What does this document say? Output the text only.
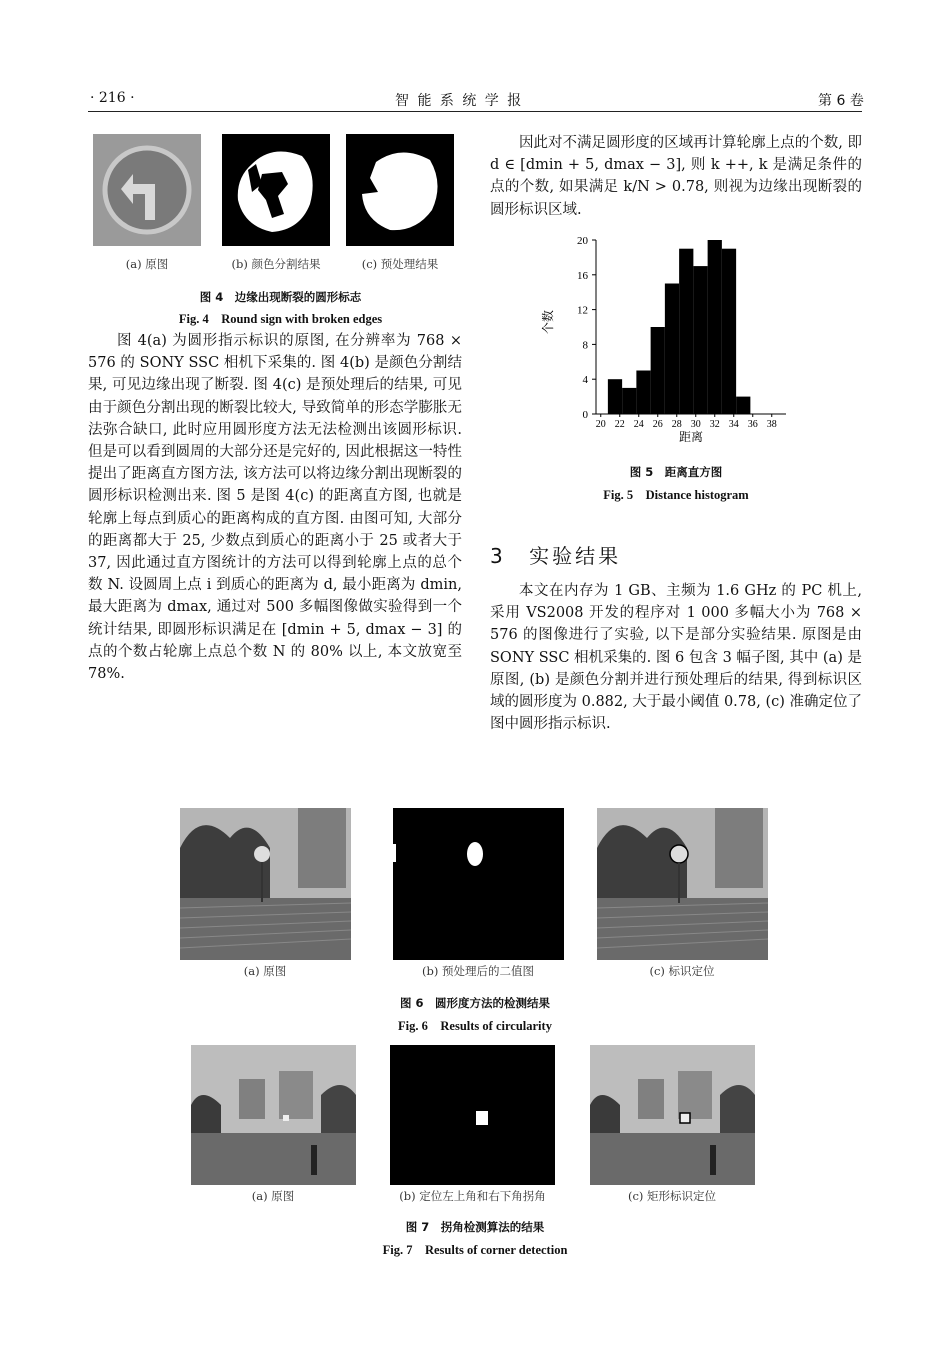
· 216 ·	智 能 系 统 学 报	第 6 卷
(a) 原图	(b) 颜色分割结果	(c) 预处理结果
图 4　边缘出现断裂的圆形标志
Fig. 4　Round sign with broken edges
图 4(a) 为圆形指示标识的原图, 在分辨率为 768 × 576 的 SONY SSC 相机下采集的. 图 4(b) 是颜色分割结果, 可见边缘出现了断裂. 图 4(c) 是预处理后的结果, 可见由于颜色分割出现的断裂比较大, 导致简单的形态学膨胀无法弥合缺口, 此时应用圆形度方法无法检测出该圆形标识. 但是可以看到圆周的大部分还是完好的, 因此根据这一特性提出了距离直方图方法, 该方法可以将边缘分割出现断裂的圆形标识检测出来. 图 5 是图 4(c) 的距离直方图, 也就是轮廓上每点到质心的距离构成的直方图. 由图可知, 大部分的距离都大于 25, 少数点到质心的距离小于 25 或者大于 37, 因此通过直方图统计的方法可以得到轮廓上点的总个数 N. 设圆周上点 i 到质心的距离为 d, 最小距离为 dmin, 最大距离为 dmax, 通过对 500 多幅图像做实验得到一个统计结果, 即圆形标识满足在 [dmin + 5, dmax − 3] 的点的个数占轮廓上点总个数 N 的 80% 以上, 本文放宽至 78%.
因此对不满足圆形度的区域再计算轮廓上点的个数, 即 d ∈ [dmin + 5, dmax − 3], 则 k ++, k 是满足条件的点的个数, 如果满足 k/N > 0.78, 则视为边缘出现断裂的圆形标识区域.
0
4
8
12
16
20
20 22 24 26 28 30 32 34 36 38
个数
距离
图 5　距离直方图
Fig. 5　Distance histogram
3 实验结果
本文在内存为 1 GB、主频为 1.6 GHz 的 PC 机上, 采用 VS2008 开发的程序对 1 000 多幅大小为 768 × 576 的图像进行了实验, 以下是部分实验结果. 原图是由 SONY SSC 相机采集的. 图 6 包含 3 幅子图, 其中 (a) 是原图, (b) 是颜色分割并进行预处理后的结果, 得到标识区域的圆形度为 0.882, 大于最小阈值 0.78, (c) 准确定位了图中圆形指示标识.
(a) 原图	(b) 预处理后的二值图	(c) 标识定位
图 6　圆形度方法的检测结果
Fig. 6　Results of circularity
(a) 原图	(b) 定位左上角和右下角拐角	(c) 矩形标识定位
图 7　拐角检测算法的结果
Fig. 7　Results of corner detection
